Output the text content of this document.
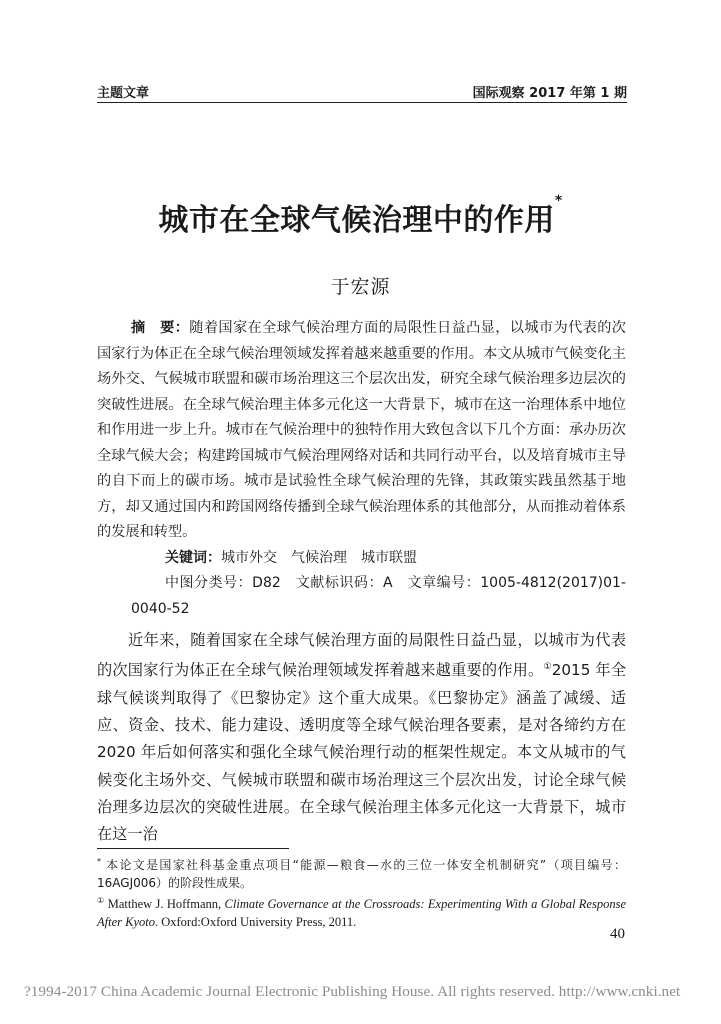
主题文章	国际观察 2017 年第 1 期
城市在全球气候治理中的作用*
于宏源

摘　要：随着国家在全球气候治理方面的局限性日益凸显，以城市为代表的次国家行为体正在全球气候治理领域发挥着越来越重要的作用。本文从城市气候变化主场外交、气候城市联盟和碳市场治理这三个层次出发，研究全球气候治理多边层次的突破性进展。在全球气候治理主体多元化这一大背景下，城市在这一治理体系中地位和作用进一步上升。城市在气候治理中的独特作用大致包含以下几个方面：承办历次全球气候大会；构建跨国城市气候治理网络对话和共同行动平台，以及培育城市主导的自下而上的碳市场。城市是试验性全球气候治理的先锋，其政策实践虽然基于地方，却又通过国内和跨国网络传播到全球气候治理体系的其他部分，从而推动着体系的发展和转型。

关键词：城市外交　气候治理　城市联盟

中图分类号：D82　文献标识码：A　文章编号：1005-4812(2017)01-0040-52

近年来，随着国家在全球气候治理方面的局限性日益凸显，以城市为代表的次国家行为体正在全球气候治理领域发挥着越来越重要的作用。①2015 年全球气候谈判取得了《巴黎协定》这个重大成果。《巴黎协定》涵盖了减缓、适应、资金、技术、能力建设、透明度等全球气候治理各要素，是对各缔约方在 2020 年后如何落实和强化全球气候治理行动的框架性规定。本文从城市的气候变化主场外交、气候城市联盟和碳市场治理这三个层次出发，讨论全球气候治理多边层次的突破性进展。在全球气候治理主体多元化这一大背景下，城市在这一治

* 本论文是国家社科基金重点项目“能源—粮食—水的三位一体安全机制研究”（项目编号：16AGJ006）的阶段性成果。

① Matthew J. Hoffmann, Climate Governance at the Crossroads: Experimenting With a Global Response After Kyoto. Oxford:Oxford University Press, 2011.

40
?1994-2017 China Academic Journal Electronic Publishing House. All rights reserved. http://www.cnki.net
